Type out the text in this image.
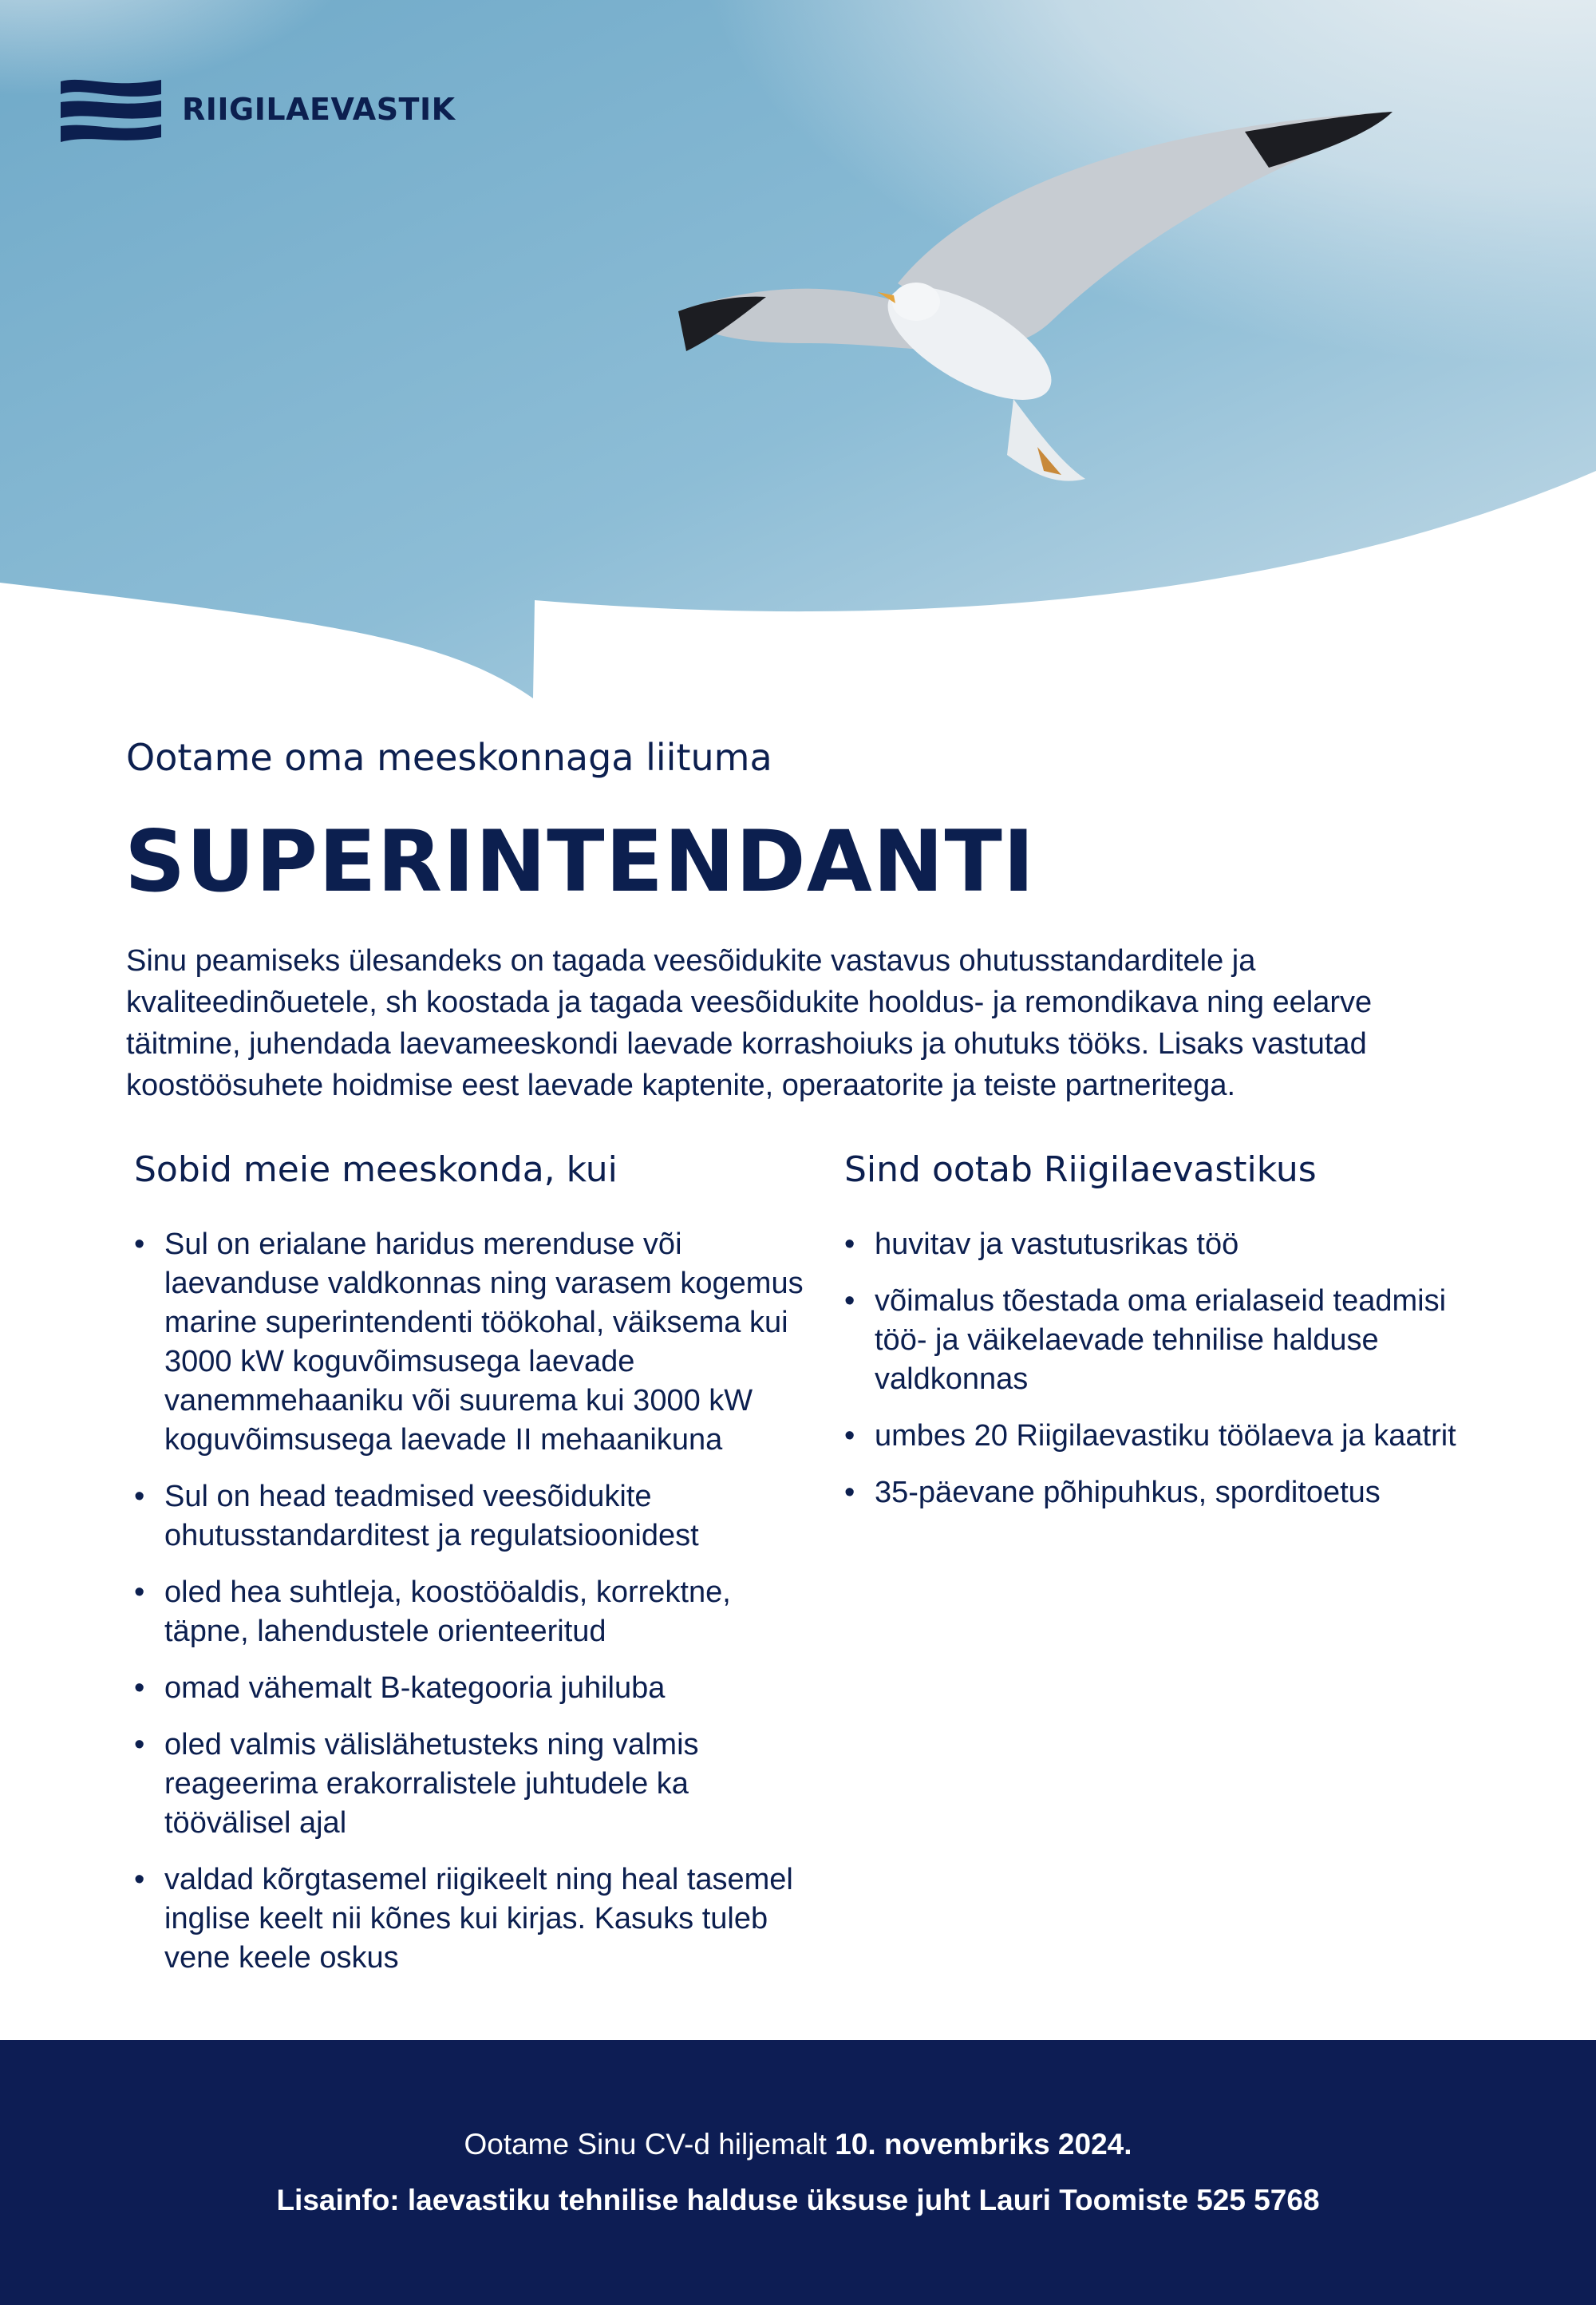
RIIGILAEVASTIK
Ootame oma meeskonnaga liituma
SUPERINTENDANTI
Sinu peamiseks ülesandeks on tagada veesõidukite vastavus ohutusstandarditele ja kvaliteedinõuetele, sh koostada ja tagada veesõidukite hooldus- ja remondikava ning eelarve täitmine, juhendada laevameeskondi laevade korrashoiuks ja ohutuks tööks. Lisaks vastutad koostöösuhete hoidmise eest laevade kaptenite, operaatorite ja teiste partneritega.
Sobid meie meeskonda, kui
• Sul on erialane haridus merenduse või laevanduse valdkonnas ning varasem kogemus marine superintendenti töökohal, väiksema kui 3000 kW koguvõimsusega laevade vanemmehaaniku või suurema kui 3000 kW koguvõimsusega laevade II mehaanikuna
• Sul on head teadmised veesõidukite ohutusstandarditest ja regulatsioonidest
• oled hea suhtleja, koostööaldis, korrektne, täpne, lahendustele orienteeritud
• omad vähemalt B-kategooria juhiluba
• oled valmis välislähetusteks ning valmis reageerima erakorralistele juhtudele ka töövälisel ajal
• valdad kõrgtasemel riigikeelt ning heal tasemel inglise keelt nii kõnes kui kirjas. Kasuks tuleb vene keele oskus
Sind ootab Riigilaevastikus
• huvitav ja vastutusrikas töö
• võimalus tõestada oma erialaseid teadmisi töö- ja väikelaevade tehnilise halduse valdkonnas
• umbes 20 Riigilaevastiku töölaeva ja kaatrit
• 35-päevane põhipuhkus, sporditoetus
Ootame Sinu CV-d hiljemalt 10. novembriks 2024.
Lisainfo: laevastiku tehnilise halduse üksuse juht Lauri Toomiste 525 5768
